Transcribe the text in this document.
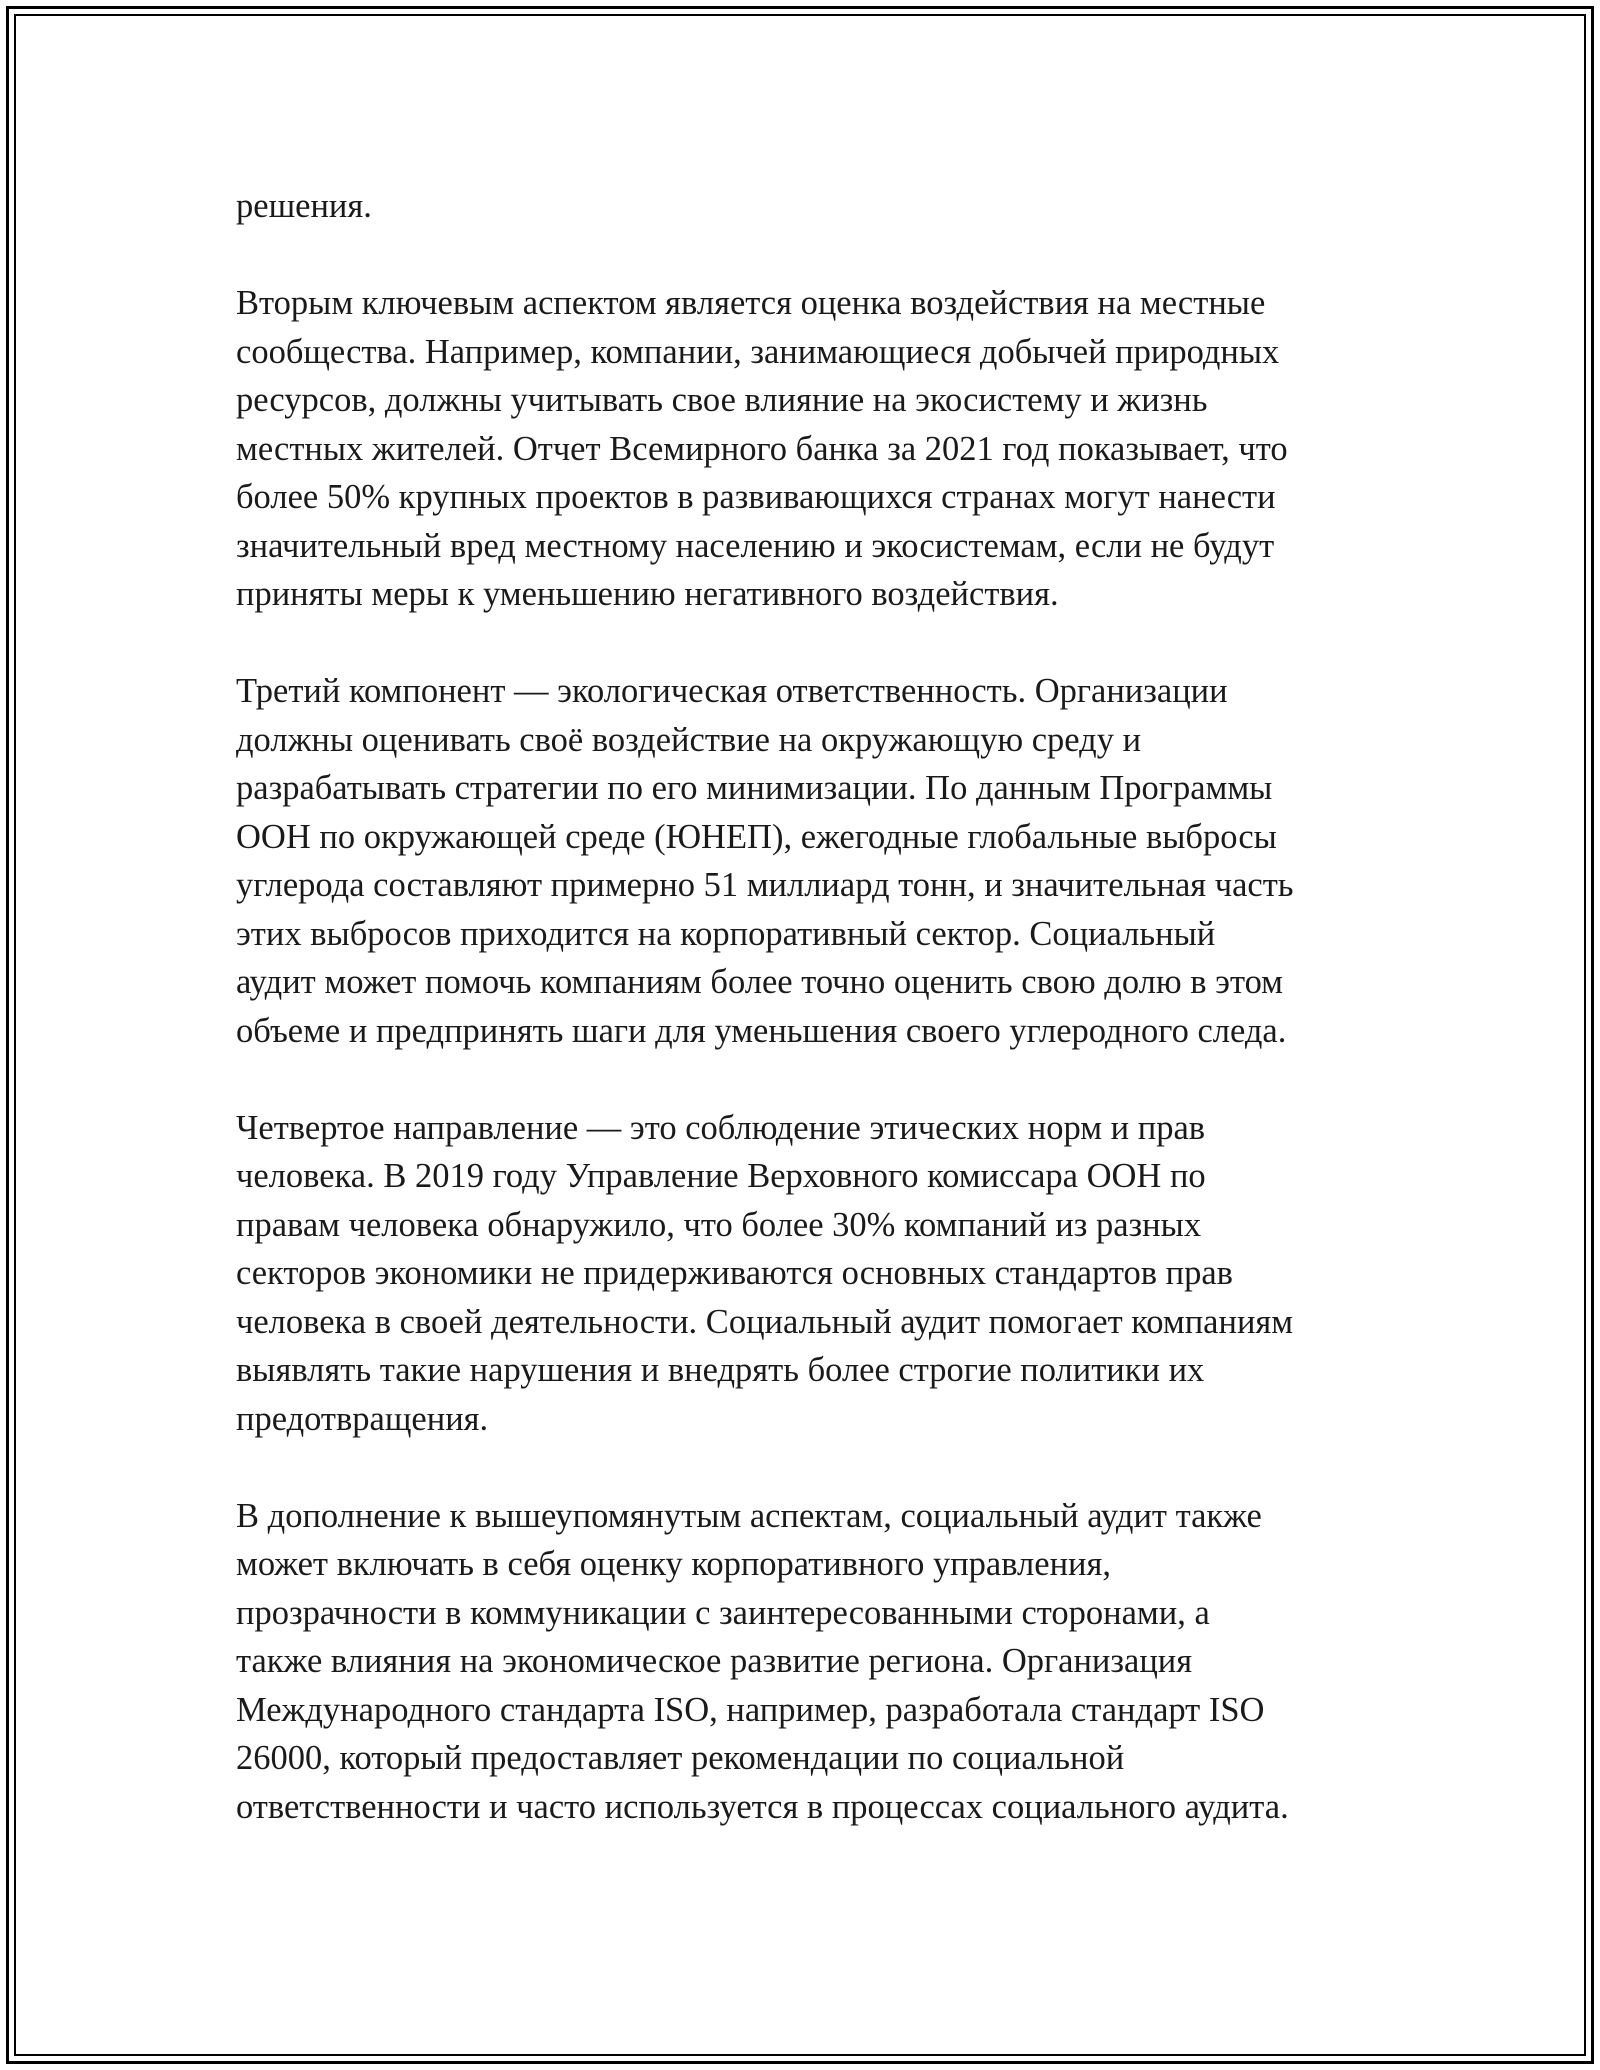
решения.

Вторым ключевым аспектом является оценка воздействия на местные
сообщества. Например, компании, занимающиеся добычей природных
ресурсов, должны учитывать свое влияние на экосистему и жизнь
местных жителей. Отчет Всемирного банка за 2021 год показывает, что
более 50% крупных проектов в развивающихся странах могут нанести
значительный вред местному населению и экосистемам, если не будут
приняты меры к уменьшению негативного воздействия.

Третий компонент — экологическая ответственность. Организации
должны оценивать своё воздействие на окружающую среду и
разрабатывать стратегии по его минимизации. По данным Программы
ООН по окружающей среде (ЮНЕП), ежегодные глобальные выбросы
углерода составляют примерно 51 миллиард тонн, и значительная часть
этих выбросов приходится на корпоративный сектор. Социальный
аудит может помочь компаниям более точно оценить свою долю в этом
объеме и предпринять шаги для уменьшения своего углеродного следа.

Четвертое направление — это соблюдение этических норм и прав
человека. В 2019 году Управление Верховного комиссара ООН по
правам человека обнаружило, что более 30% компаний из разных
секторов экономики не придерживаются основных стандартов прав
человека в своей деятельности. Социальный аудит помогает компаниям
выявлять такие нарушения и внедрять более строгие политики их
предотвращения.

В дополнение к вышеупомянутым аспектам, социальный аудит также
может включать в себя оценку корпоративного управления,
прозрачности в коммуникации с заинтересованными сторонами, а
также влияния на экономическое развитие региона. Организация
Международного стандарта ISO, например, разработала стандарт ISO
26000, который предоставляет рекомендации по социальной
ответственности и часто используется в процессах социального аудита.
